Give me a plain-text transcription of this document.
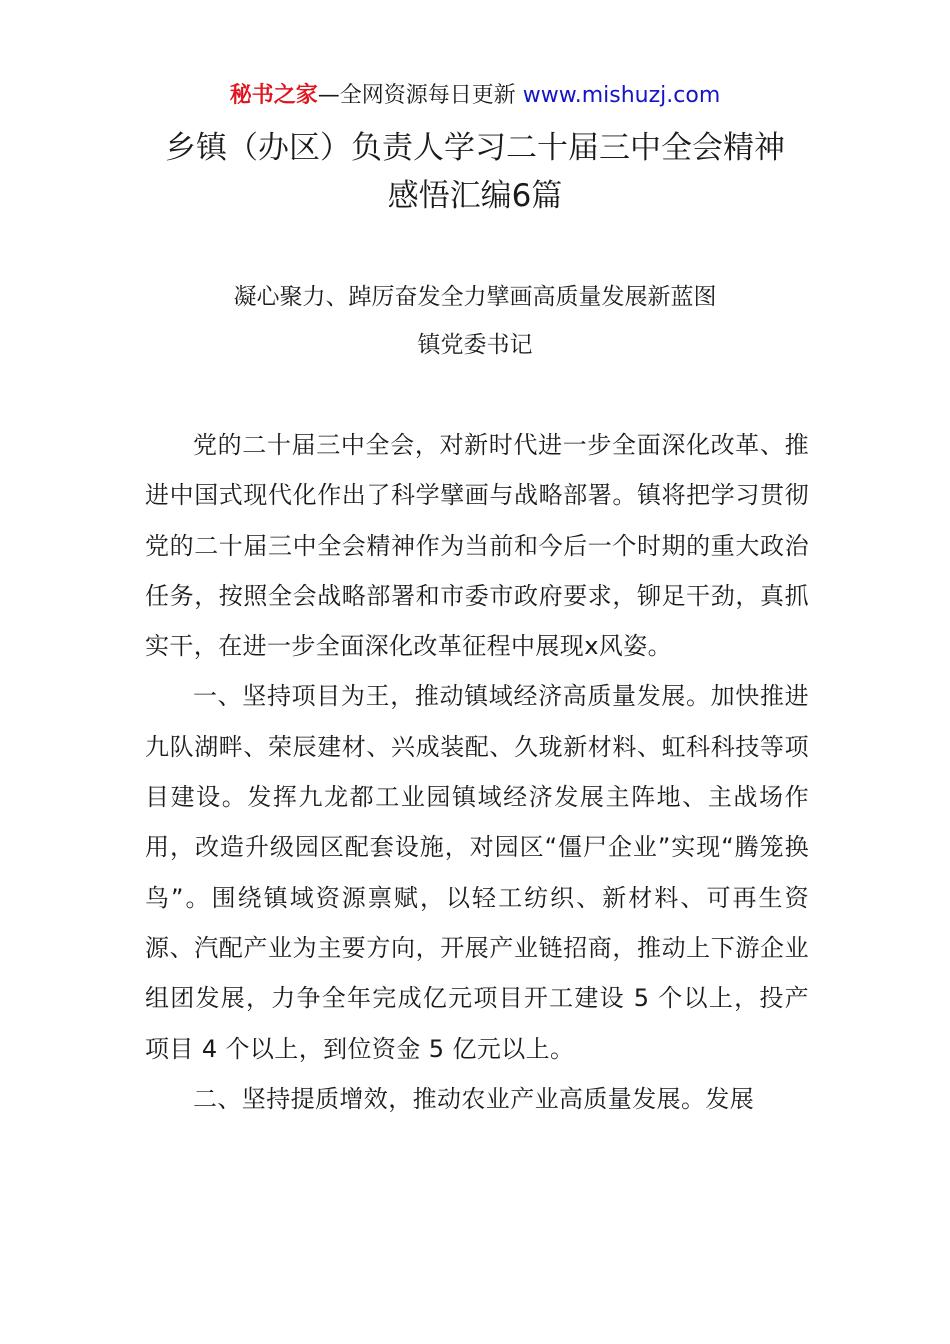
秘书之家—全网资源每日更新 www.mishuzj.com
乡镇（办区）负责人学习二十届三中全会精神
感悟汇编6篇
凝心聚力、踔厉奋发全力擘画高质量发展新蓝图
镇党委书记

党的二十届三中全会，对新时代进一步全面深化改革、推进中国式现代化作出了科学擘画与战略部署。镇将把学习贯彻党的二十届三中全会精神作为当前和今后一个时期的重大政治任务，按照全会战略部署和市委市政府要求，铆足干劲，真抓实干，在进一步全面深化改革征程中展现x风姿。

一、坚持项目为王，推动镇域经济高质量发展。加快推进九队湖畔、荣辰建材、兴成装配、久珑新材料、虹科科技等项目建设。发挥九龙都工业园镇域经济发展主阵地、主战场作用，改造升级园区配套设施，对园区“僵尸企业”实现“腾笼换鸟”。围绕镇域资源禀赋，以轻工纺织、新材料、可再生资源、汽配产业为主要方向，开展产业链招商，推动上下游企业组团发展，力争全年完成亿元项目开工建设 5 个以上，投产项目 4 个以上，到位资金 5 亿元以上。

二、坚持提质增效，推动农业产业高质量发展。发展
